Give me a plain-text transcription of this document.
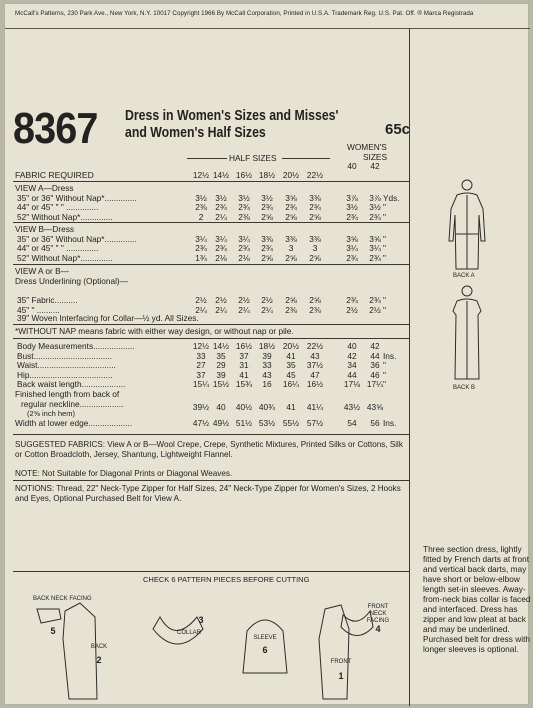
McCall's Patterns, 230 Park Ave., New York, N.Y. 10017 Copyright 1966 By McCall Corporation, Printed in U.S.A. Trademark Reg. U.S. Pat. Off. ® Marca Registrada
8367 Dress in Women's Sizes and Misses'
and Women's Half Sizes	65c
HALF SIZES
WOMEN'S
SIZES
FABRIC REQUIRED
SUGGESTED FABRICS: View A or B—Wool Crepe, Crepe, Synthetic Mixtures, Printed Silks or Cottons, Silk or Cotton Broadcloth, Jersey, Shantung, Lightweight Flannel.
NOTE: Not Suitable for Diagonal Prints or Diagonal Weaves.
NOTIONS: Thread, 22" Neck-Type Zipper for Half Sizes, 24" Neck-Type Zipper for Women's Sizes, 2 Hooks and Eyes, Optional Purchased Belt for View A.
CHECK 6 PATTERN PIECES BEFORE CUTTING
BACK NECK FACING
5
BACK
2
COLLAR
3
SLEEVE
6
FRONT
1
FRONT NECK FACING
4
BACK A
BACK B
Three section dress, lightly fitted by French darts at front and vertical back darts, may have short or below-elbow length set-in sleeves. Away-from-neck bias collar is faced and interfaced. Dress has zipper and low pleat at back and may be underlined. Purchased belt for dress with longer sleeves is optional.
12½ 14½ 16½ 18½ 20½ 22½
40	42
VIEW A—Dress
35" or 36" Without Nap*..............	3½	3½	3½	3½	3⅝	3⅜	3⅞	3⅞ Yds.
44" or 45" " " ..............	2⅜	2¾	2¾	2¾	2¾	2¾	3½	3½ "
52" Without Nap*..............	2	2¼	2⅜	2⅝	2⅝	2⅝	2¾	2¾ "
VIEW B—Dress
35" or 36" Without Nap*..............	3¼	3¼	3¼	3⅜	3⅜	3⅜	3⅝	3⅝ "
44" or 45" " " ..............	2¾	2¾	2¾	2¾	3	3	3¼	3¼ "
52" Without Nap*..............	1¾	2⅛	2⅛	2⅝	2⅝	2⅝	2¾	2¾ "
VIEW A or B—
Dress Underlining (Optional)—
35" Fabric..........	2½	2½	2½	2½	2⅝	2⅝	2¾	2¾ "
45" " ..........	2¼	2¼	2¼	2¼	2⅜	2⅜	2½	2½ "
39" Woven Interfacing for Collar—½ yd. All Sizes.
*WITHOUT NAP means fabric with either way design, or without nap or pile.
Body Measurements..................	12½ 14½ 16½ 18½ 20½ 22½	40	42
Bust..................................	33	35	37	39	41	43	42	44 Ins.
Waist..................................	27	29	31	33	35	37½	34	36 "
Hip....................................	37	39	41	43	45	47	44	46 "
Back waist length...................	15¼ 15½ 15¾	16	16¼ 16½	17⅛ 17¼ "
Finished length from back of
regular neckline...................
(2⅝ inch hem)
39½ 40	40½ 40¾	41	41¼	43½ 43⅝
Width at lower edge...................	47½ 49½ 51½ 53½ 55½ 57½	54	56 Ins.
